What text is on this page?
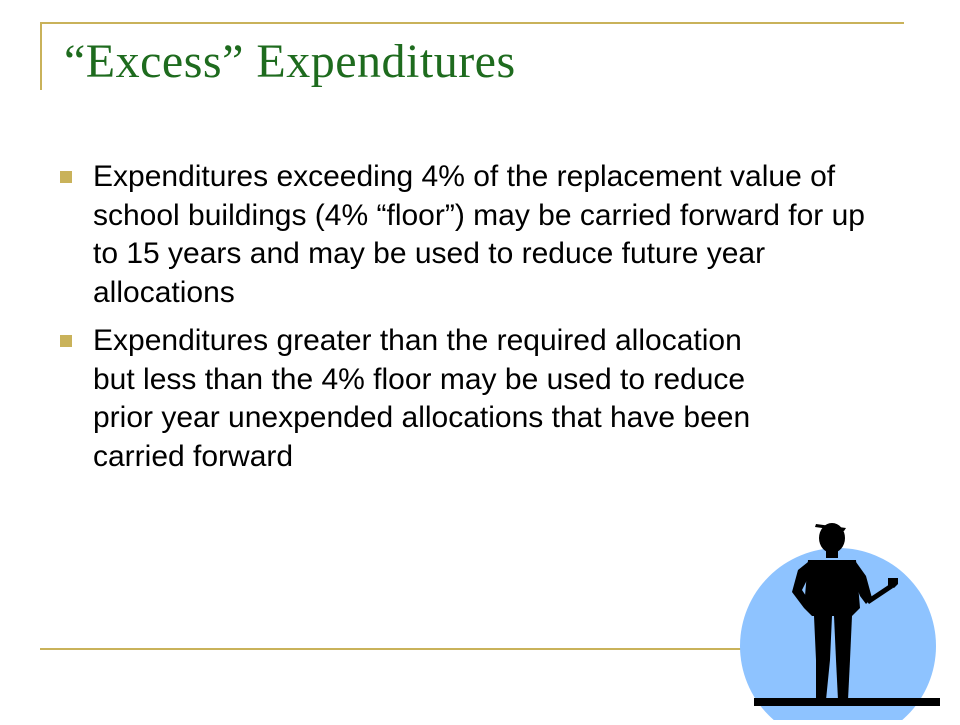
“Excess” Expenditures
Expenditures exceeding 4% of the replacement value of school buildings (4% “floor”) may be carried forward for up to 15 years and may be used to reduce future year allocations
Expenditures greater than the required allocation but less than the 4% floor may be used to reduce prior year unexpended allocations that have been carried forward
